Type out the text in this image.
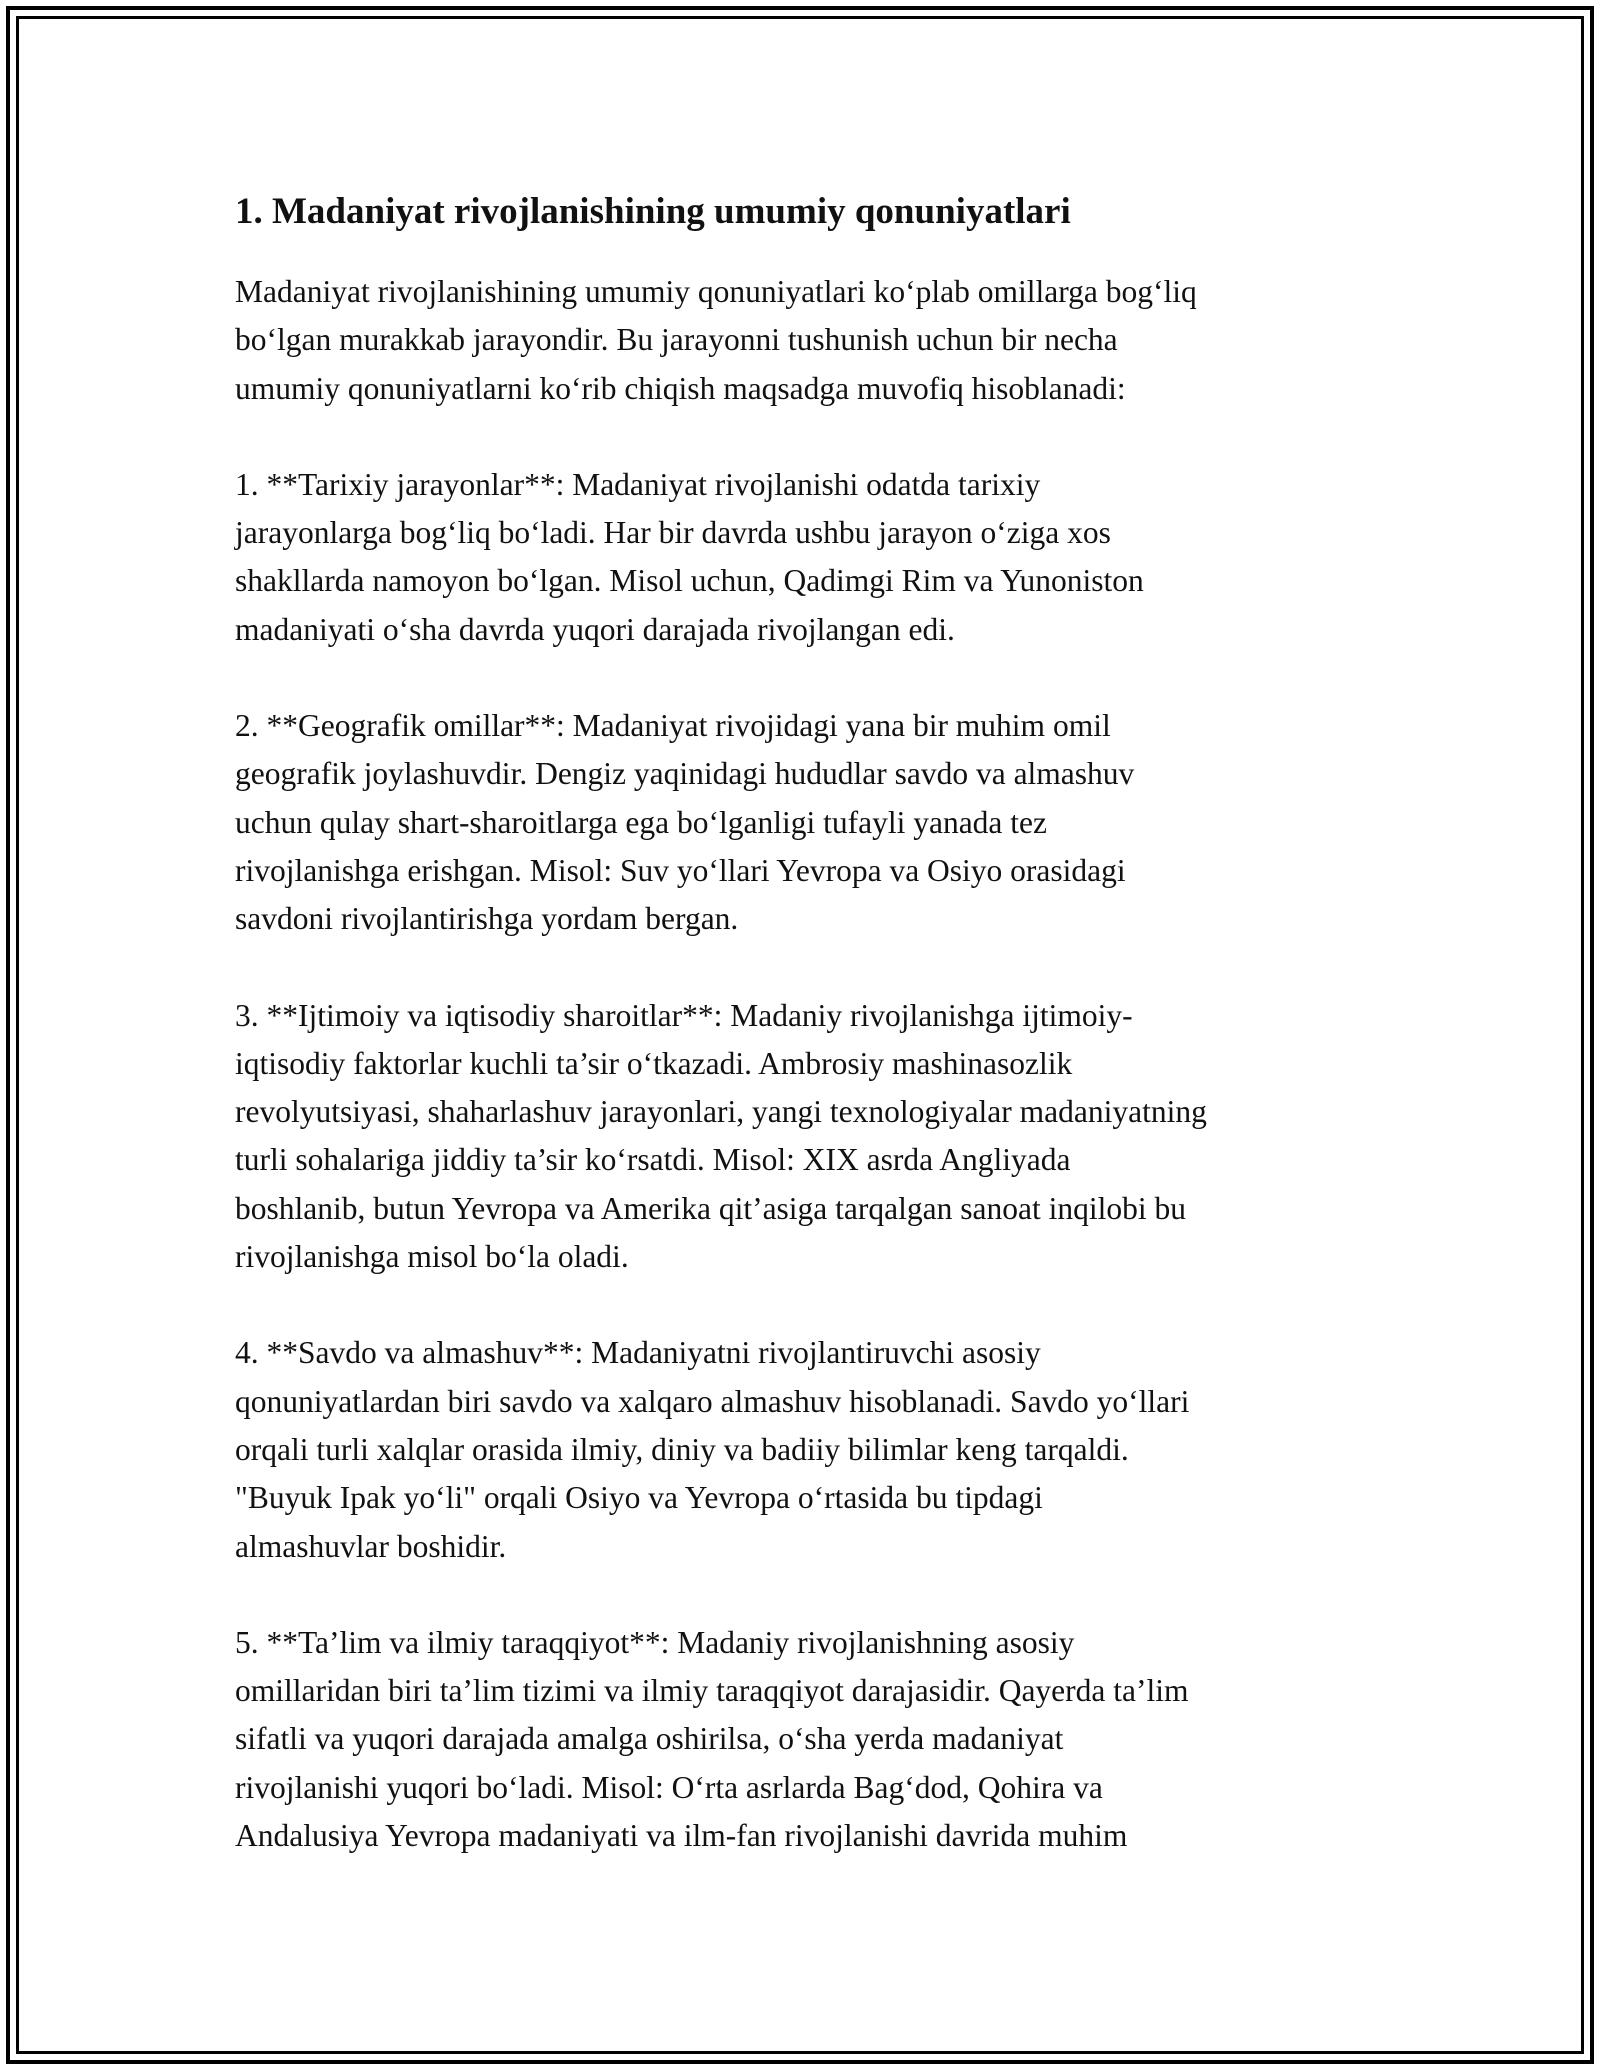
1. Madaniyat rivojlanishining umumiy qonuniyatlari

Madaniyat rivojlanishining umumiy qonuniyatlari ko‘plab omillarga bog‘liq
bo‘lgan murakkab jarayondir. Bu jarayonni tushunish uchun bir necha
umumiy qonuniyatlarni ko‘rib chiqish maqsadga muvofiq hisoblanadi:

1. **Tarixiy jarayonlar**: Madaniyat rivojlanishi odatda tarixiy
jarayonlarga bog‘liq bo‘ladi. Har bir davrda ushbu jarayon o‘ziga xos
shakllarda namoyon bo‘lgan. Misol uchun, Qadimgi Rim va Yunoniston
madaniyati o‘sha davrda yuqori darajada rivojlangan edi.

2. **Geografik omillar**: Madaniyat rivojidagi yana bir muhim omil
geografik joylashuvdir. Dengiz yaqinidagi hududlar savdo va almashuv
uchun qulay shart-sharoitlarga ega bo‘lganligi tufayli yanada tez
rivojlanishga erishgan. Misol: Suv yo‘llari Yevropa va Osiyo orasidagi
savdoni rivojlantirishga yordam bergan.

3. **Ijtimoiy va iqtisodiy sharoitlar**: Madaniy rivojlanishga ijtimoiy-
iqtisodiy faktorlar kuchli ta’sir o‘tkazadi. Ambrosiy mashinasozlik
revolyutsiyasi, shaharlashuv jarayonlari, yangi texnologiyalar madaniyatning
turli sohalariga jiddiy ta’sir ko‘rsatdi. Misol: XIX asrda Angliyada
boshlanib, butun Yevropa va Amerika qit’asiga tarqalgan sanoat inqilobi bu
rivojlanishga misol bo‘la oladi.

4. **Savdo va almashuv**: Madaniyatni rivojlantiruvchi asosiy
qonuniyatlardan biri savdo va xalqaro almashuv hisoblanadi. Savdo yo‘llari
orqali turli xalqlar orasida ilmiy, diniy va badiiy bilimlar keng tarqaldi.
"Buyuk Ipak yo‘li" orqali Osiyo va Yevropa o‘rtasida bu tipdagi
almashuvlar boshidir.

5. **Ta’lim va ilmiy taraqqiyot**: Madaniy rivojlanishning asosiy
omillaridan biri ta’lim tizimi va ilmiy taraqqiyot darajasidir. Qayerda ta’lim
sifatli va yuqori darajada amalga oshirilsa, o‘sha yerda madaniyat
rivojlanishi yuqori bo‘ladi. Misol: O‘rta asrlarda Bag‘dod, Qohira va
Andalusiya Yevropa madaniyati va ilm-fan rivojlanishi davrida muhim
